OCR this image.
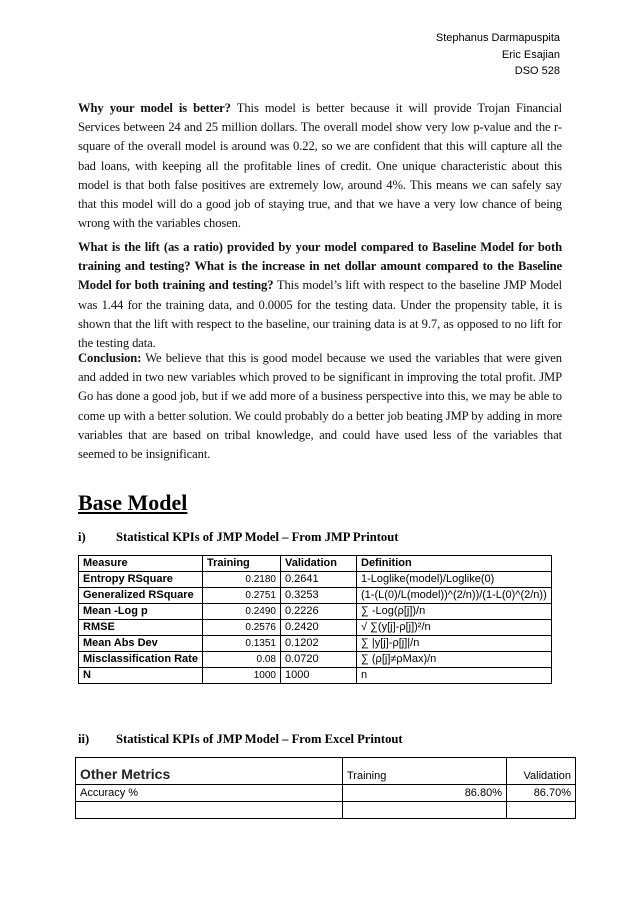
Stephanus Darmapuspita
Eric Esajian
DSO 528
Why your model is better? This model is better because it will provide Trojan Financial Services between 24 and 25 million dollars. The overall model show very low p-value and the r-square of the overall model is around was 0.22, so we are confident that this will capture all the bad loans, with keeping all the profitable lines of credit. One unique characteristic about this model is that both false positives are extremely low, around 4%. This means we can safely say that this model will do a good job of staying true, and that we have a very low chance of being wrong with the variables chosen.
What is the lift (as a ratio) provided by your model compared to Baseline Model for both training and testing? What is the increase in net dollar amount compared to the Baseline Model for both training and testing? This model’s lift with respect to the baseline JMP Model was 1.44 for the training data, and 0.0005 for the testing data. Under the propensity table, it is shown that the lift with respect to the baseline, our training data is at 9.7, as opposed to no lift for the testing data.
Conclusion: We believe that this is good model because we used the variables that were given and added in two new variables which proved to be significant in improving the total profit. JMP Go has done a good job, but if we add more of a business perspective into this, we may be able to come up with a better solution. We could probably do a better job beating JMP by adding in more variables that are based on tribal knowledge, and could have used less of the variables that seemed to be insignificant.
Base Model
i) Statistical KPIs of JMP Model – From JMP Printout
Measure	Training	Validation	Definition
Entropy RSquare	0.2180	0.2641	1-Loglike(model)/Loglike(0)
Generalized RSquare	0.2751	0.3253	(1-(L(0)/L(model))^(2/n))/(1-L(0)^(2/n))
Mean -Log p	0.2490	0.2226	∑ -Log(ρ[j])/n
RMSE	0.2576	0.2420	√ ∑(y[j]-ρ[j])²/n
Mean Abs Dev	0.1351	0.1202	∑ |y[j]-ρ[j]|/n
Misclassification Rate	0.08	0.0720	∑ (ρ[j]≠ρMax)/n
N	1000	1000	n
ii) Statistical KPIs of JMP Model – From Excel Printout
Other Metrics	Training	Validation
Accuracy %	86.80%	86.70%
